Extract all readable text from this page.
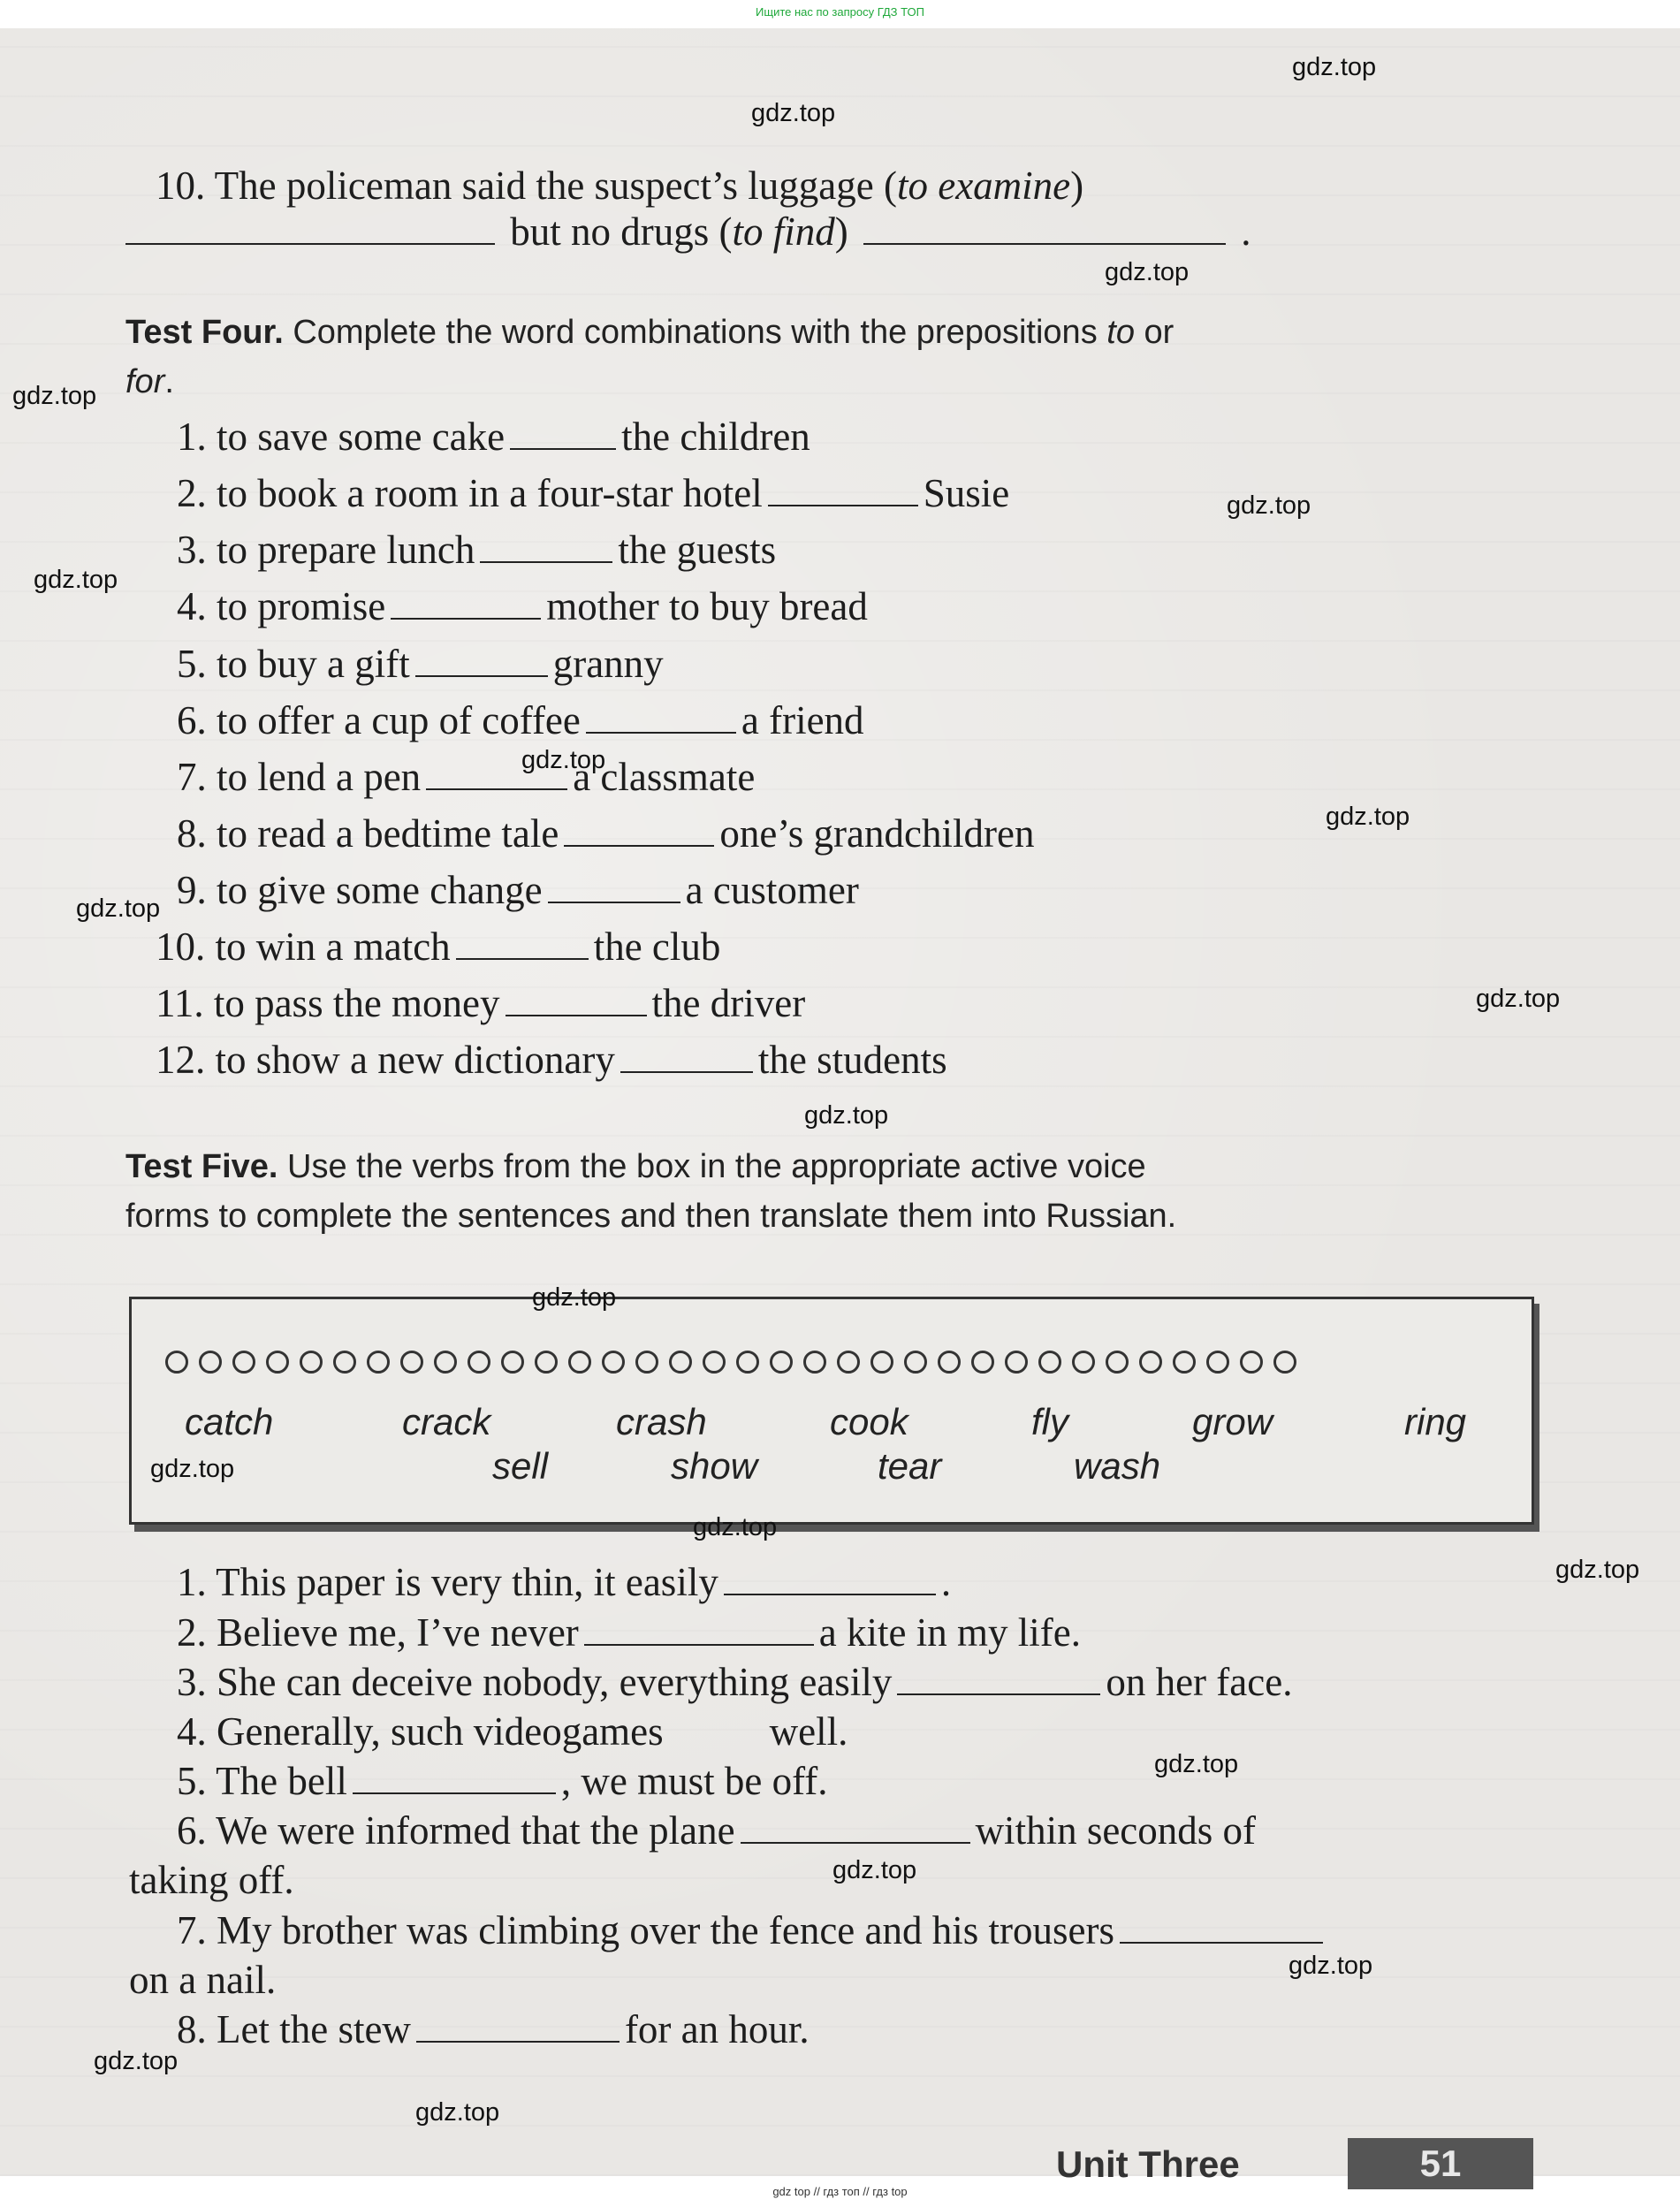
Ищите нас по запросу ГДЗ ТОП
10. The policeman said the suspect’s luggage (to examine)
but no drugs (to find)	.
Test Four. Complete the word combinations with the prepositions to or
for.
1. to save some cake	the children
2. to book a room in a four-star hotel	Susie
3. to prepare lunch	the guests
4. to promise	mother to buy bread
5. to buy a gift	granny
6. to offer a cup of coffee	a friend
7. to lend a pen	a classmate
8. to read a bedtime tale	one’s grandchildren
9. to give some change	a customer
10. to win a match	the club
11. to pass the money	the driver
12. to show a new dictionary	the students
Test Five. Use the verbs from the box in the appropriate active voice
forms to complete the sentences and then translate them into Russian.
catch	crack	crash	cook	fly	grow	ring
sell	show	tear	wash
1. This paper is very thin, it easily	.
2. Believe me, I’ve never	a kite in my life.
3. She can deceive nobody, everything easily	on her face.
4. Generally, such videogames	well.
5. The bell	, we must be off.
6. We were informed that the plane	within seconds of
taking off.
7. My brother was climbing over the fence and his trousers
on a nail.
8. Let the stew	for an hour.
Unit Three	51
gdz.top
gdz.top
gdz.top
gdz.top
gdz.top
gdz.top
gdz.top
gdz.top
gdz.top
gdz.top
gdz.top
gdz.top
gdz.top
gdz.top
gdz.top
gdz.top
gdz.top
gdz.top
gdz.top
gdz.top
gdz top // гдз топ // гдз top
